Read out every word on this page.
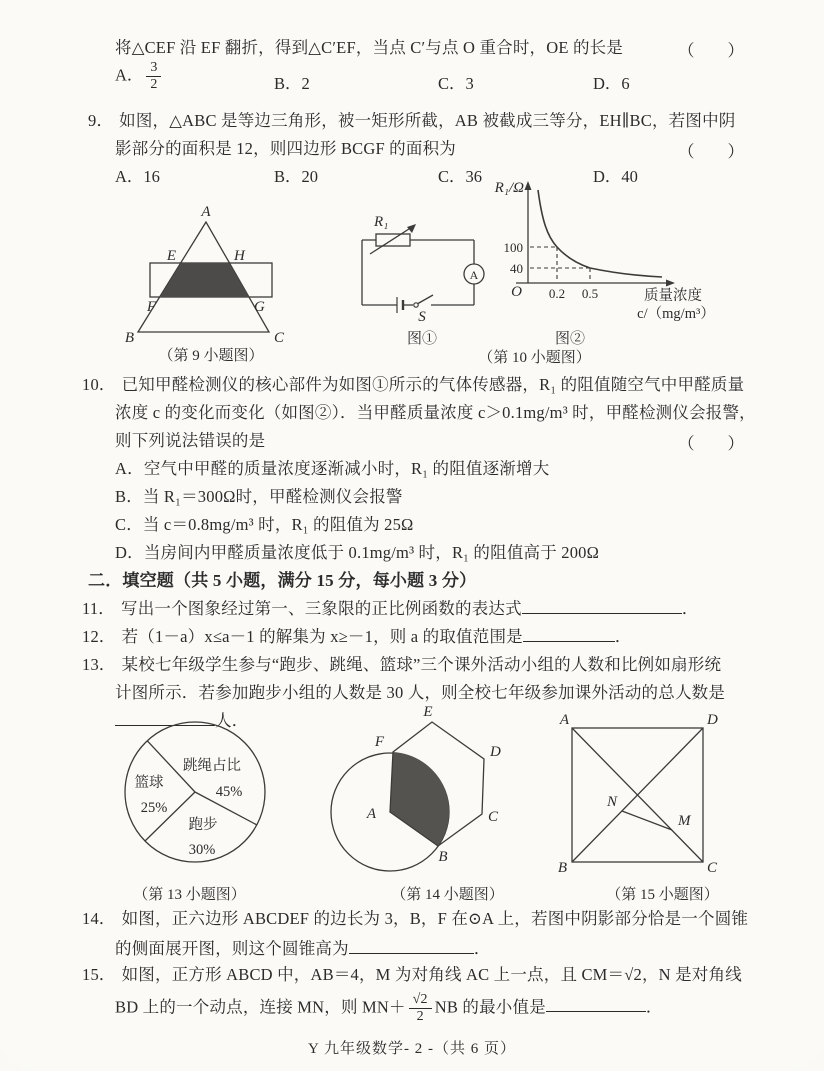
将△CEF 沿 EF 翻折，得到△C′EF，当点 C′与点 O 重合时，OE 的长是	（　　）
A． $\frac{3}{2}$	B．2	C．3	D．6
9． 如图，△ABC 是等边三角形，被一矩形所截，AB 被截成三等分，EH∥BC，若图中阴
影部分的面积是 12，则四边形 BCGF 的面积为	（　　）
A．16	B．20	C．36	D．40
A
E	H
F	G
B	C
（第 9 小题图）
R₁
A
S
图①
R₁/Ω
100
40
0.2 0.5
O	质量浓度
c/（mg/m³）
图②
（第 10 小题图）
10． 已知甲醛检测仪的核心部件为如图①所示的气体传感器，R₁ 的阻值随空气中甲醛质量
浓度 c 的变化而变化（如图②）．当甲醛质量浓度 c＞0.1mg/m³ 时，甲醛检测仪会报警，
则下列说法错误的是	（　　）
A．空气中甲醛的质量浓度逐渐减小时，R₁ 的阻值逐渐增大
B．当 R₁＝300Ω时，甲醛检测仪会报警
C．当 c＝0.8mg/m³ 时，R₁ 的阻值为 25Ω
D．当房间内甲醛质量浓度低于 0.1mg/m³ 时，R₁ 的阻值高于 200Ω
二．填空题（共 5 小题，满分 15 分，每小题 3 分）
11． 写出一个图象经过第一、三象限的正比例函数的表达式	．
12． 若（1－a）x≤a－1 的解集为 x≥－1，则 a 的取值范围是	．
13． 某校七年级学生参与“跑步、跳绳、篮球”三个课外活动小组的人数和比例如扇形统
计图所示．若参加跑步小组的人数是 30 人，则全校七年级参加课外活动的总人数是
人．
跳绳占比
45%
篮球
25%
跑步
30%
（第 13 小题图）
E
F
D
A	C
B
（第 14 小题图）
A	D
B	C
N
M
（第 15 小题图）
14． 如图，正六边形 ABCDEF 的边长为 3，B，F 在⊙A 上，若图中阴影部分恰是一个圆锥
的侧面展开图，则这个圆锥高为	．
15． 如图，正方形 ABCD 中，AB＝4，M 为对角线 AC 上一点，且 CM＝√2，N 是对角线
BD 上的一个动点，连接 MN，则 $MN+ \frac{√2}{2}$ NB 的最小值是	．
Y 九年级数学- 2 -（共 6 页）
